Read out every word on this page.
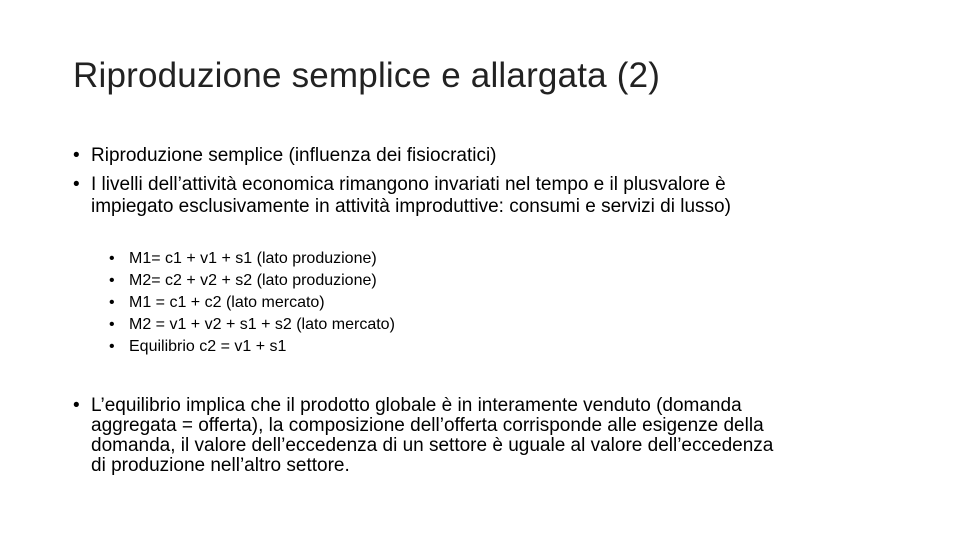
Riproduzione semplice e allargata (2)
• Riproduzione semplice (influenza dei fisiocratici)
• I livelli dell’attività economica rimangono invariati nel tempo e il plusvalore è
impiegato esclusivamente in attività improduttive: consumi e servizi di lusso)
• M1= c1 + v1 + s1 (lato produzione)
• M2= c2 + v2 + s2 (lato produzione)
• M1 = c1 + c2 (lato mercato)
• M2 = v1 + v2 + s1 + s2 (lato mercato)
• Equilibrio c2 = v1 + s1
• L’equilibrio implica che il prodotto globale è in interamente venduto (domanda
aggregata = offerta), la composizione dell’offerta corrisponde alle esigenze della
domanda, il valore dell’eccedenza di un settore è uguale al valore dell’eccedenza
di produzione nell’altro settore.
